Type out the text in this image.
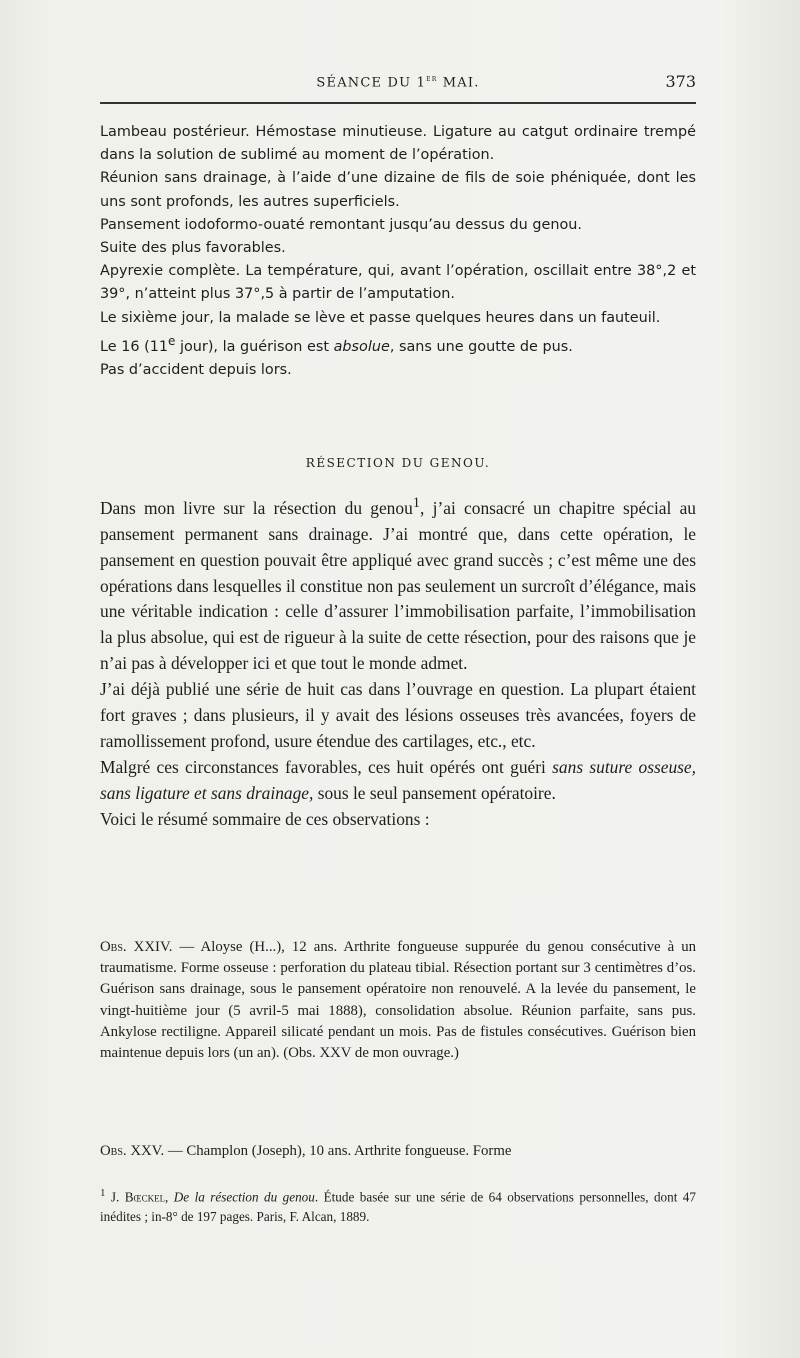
SÉANCE DU 1er MAI.	373

Lambeau postérieur. Hémostase minutieuse. Ligature au catgut ordinaire trempé dans la solution de sublimé au moment de l’opération.

Réunion sans drainage, à l’aide d’une dizaine de fils de soie phéniquée, dont les uns sont profonds, les autres superficiels.

Pansement iodoformo-ouaté remontant jusqu’au dessus du genou.

Suite des plus favorables.

Apyrexie complète. La température, qui, avant l’opération, oscillait entre 38°,2 et 39°, n’atteint plus 37°,5 à partir de l’amputation.

Le sixième jour, la malade se lève et passe quelques heures dans un fauteuil.

Le 16 (11e jour), la guérison est absolue, sans une goutte de pus.

Pas d’accident depuis lors.

RÉSECTION DU GENOU.

Dans mon livre sur la résection du genou$^1$, j’ai consacré un chapitre spécial au pansement permanent sans drainage. J’ai montré que, dans cette opération, le pansement en question pouvait être appliqué avec grand succès ; c’est même une des opérations dans lesquelles il constitue non pas seulement un surcroît d’élégance, mais une véritable indication : celle d’assurer l’immobilisation parfaite, l’immobilisation la plus absolue, qui est de rigueur à la suite de cette résection, pour des raisons que je n’ai pas à développer ici et que tout le monde admet.

J’ai déjà publié une série de huit cas dans l’ouvrage en question. La plupart étaient fort graves ; dans plusieurs, il y avait des lésions osseuses très avancées, foyers de ramollissement profond, usure étendue des cartilages, etc., etc.

Malgré ces circonstances favorables, ces huit opérés ont guéri sans suture osseuse, sans ligature et sans drainage, sous le seul pansement opératoire.

Voici le résumé sommaire de ces observations :

Obs. XXIV. — Aloyse (H...), 12 ans. Arthrite fongueuse suppurée du genou consécutive à un traumatisme. Forme osseuse : perforation du plateau tibial. Résection portant sur 3 centimètres d’os. Guérison sans drainage, sous le pansement opératoire non renouvelé. A la levée du pansement, le vingt-huitième jour (5 avril-5 mai 1888), consolidation absolue. Réunion parfaite, sans pus. Ankylose rectiligne. Appareil silicaté pendant un mois. Pas de fistules consécutives. Guérison bien maintenue depuis lors (un an). (Obs. XXV de mon ouvrage.)

Obs. XXV. — Champlon (Joseph), 10 ans. Arthrite fongueuse. Forme

$^1$ J. Bœckel, De la résection du genou. Étude basée sur une série de 64 observations personnelles, dont 47 inédites ; in-8° de 197 pages. Paris, F. Alcan, 1889.
